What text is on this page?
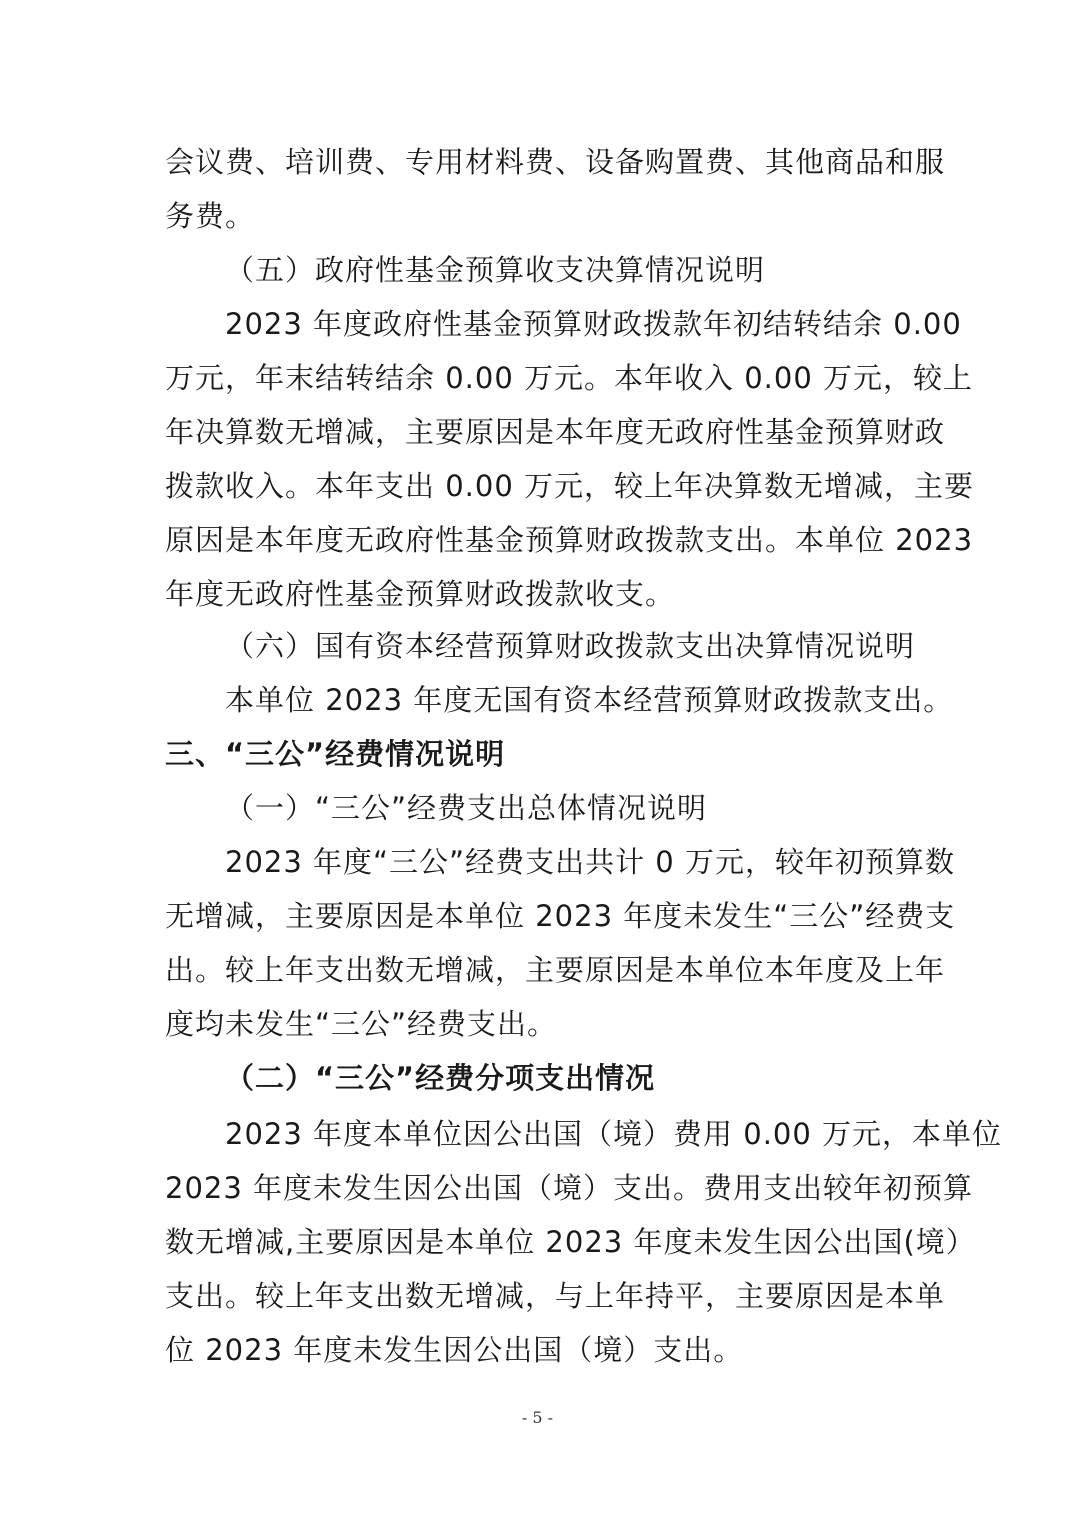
会议费、培训费、专用材料费、设备购置费、其他商品和服
务费。
（五）政府性基金预算收支决算情况说明
2023 年度政府性基金预算财政拨款年初结转结余 0.00
万元，年末结转结余 0.00 万元。本年收入 0.00 万元，较上
年决算数无增减，主要原因是本年度无政府性基金预算财政
拨款收入。本年支出 0.00 万元，较上年决算数无增减，主要
原因是本年度无政府性基金预算财政拨款支出。本单位 2023
年度无政府性基金预算财政拨款收支。
（六）国有资本经营预算财政拨款支出决算情况说明
本单位 2023 年度无国有资本经营预算财政拨款支出。
三、“三公”经费情况说明
（一）“三公”经费支出总体情况说明
2023 年度“三公”经费支出共计 0 万元，较年初预算数
无增减，主要原因是本单位 2023 年度未发生“三公”经费支
出。较上年支出数无增减，主要原因是本单位本年度及上年
度均未发生“三公”经费支出。
（二）“三公”经费分项支出情况
2023 年度本单位因公出国（境）费用 0.00 万元，本单位
2023 年度未发生因公出国（境）支出。费用支出较年初预算
数无增减,主要原因是本单位 2023 年度未发生因公出国(境）
支出。较上年支出数无增减，与上年持平，主要原因是本单
位 2023 年度未发生因公出国（境）支出。
- 5 -
